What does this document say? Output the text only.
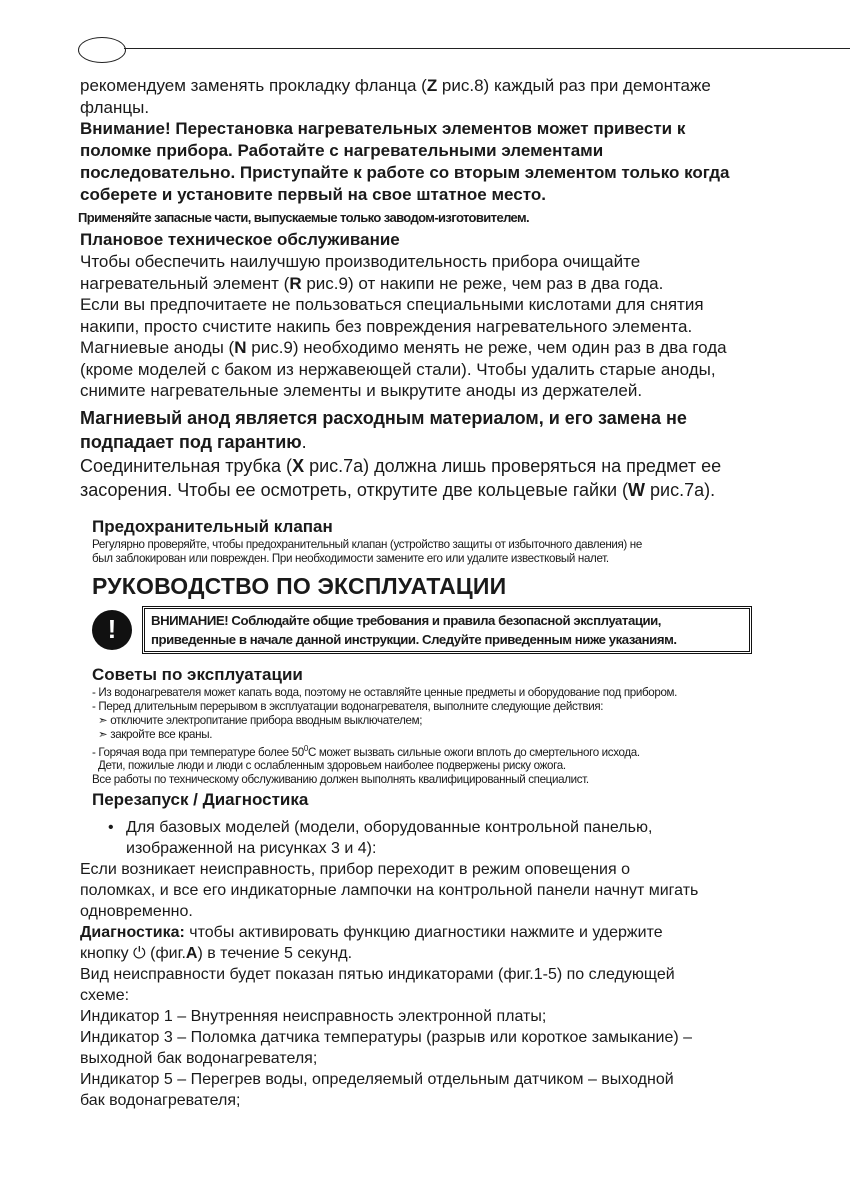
рекомендуем заменять прокладку фланца (Z рис.8) каждый раз при демонтаже

фланцы.

Внимание! Перестановка нагревательных элементов может привести к

поломке прибора. Работайте с нагревательными элементами

последовательно. Приступайте к работе со вторым элементом только когда

соберете и установите первый на свое штатное место.

Применяйте запасные части, выпускаемые только заводом-изготовителем.

Плановое техническое обслуживание

Чтобы обеспечить наилучшую производительность прибора очищайте

нагревательный элемент (R рис.9) от накипи не реже, чем раз в два года.

Если вы предпочитаете не пользоваться специальными кислотами для снятия

накипи, просто счистите накипь без повреждения нагревательного элемента.

Магниевые аноды (N рис.9) необходимо менять не реже, чем один раз в два года

(кроме моделей с баком из нержавеющей стали). Чтобы удалить старые аноды,

снимите нагревательные элементы и выкрутите аноды из держателей.

Магниевый анод является расходным материалом, и его замена не

подпадает под гарантию.

Соединительная трубка (X рис.7а) должна лишь проверяться на предмет ее

засорения. Чтобы ее осмотреть, открутите две кольцевые гайки (W рис.7а).

Предохранительный клапан

Регулярно проверяйте, чтобы предохранительный клапан (устройство защиты от избыточного давления) не

был заблокирован или поврежден. При необходимости замените его или удалите известковый налет.

РУКОВОДСТВО ПО ЭКСПЛУАТАЦИИ

!	ВНИМАНИЕ! Соблюдайте общие требования и правила безопасной эксплуатации,

приведенные в начале данной инструкции. Следуйте приведенным ниже указаниям.

Советы по эксплуатации

- Из водонагревателя может капать вода, поэтому не оставляйте ценные предметы и оборудование под прибором.

- Перед длительным перерывом в эксплуатации водонагревателя, выполните следующие действия:

➣ отключите электропитание прибора вводным выключателем;

➣ закройте все краны.

- Горячая вода при температуре более $50^0С$ может вызвать сильные ожоги вплоть до смертельного исхода.

Дети, пожилые люди и люди с ослабленным здоровьем наиболее подвержены риску ожога.

Все работы по техническому обслуживанию должен выполнять квалифицированный специалист.

Перезапуск / Диагностика

• Для базовых моделей (модели, оборудованные контрольной панелью,

изображенной на рисунках 3 и 4):

Если возникает неисправность, прибор переходит в режим оповещения о

поломках, и все его индикаторные лампочки на контрольной панели начнут мигать

одновременно.

Диагностика: чтобы активировать функцию диагностики нажмите и удержите

кнопку ⏻ (фиг.A) в течение 5 секунд.

Вид неисправности будет показан пятью индикаторами (фиг.1-5) по следующей

схеме:

Индикатор 1 – Внутренняя неисправность электронной платы;

Индикатор 3 – Поломка датчика температуры (разрыв или короткое замыкание) –

выходной бак водонагревателя;

Индикатор 5 – Перегрев воды, определяемый отдельным датчиком – выходной

бак водонагревателя;
